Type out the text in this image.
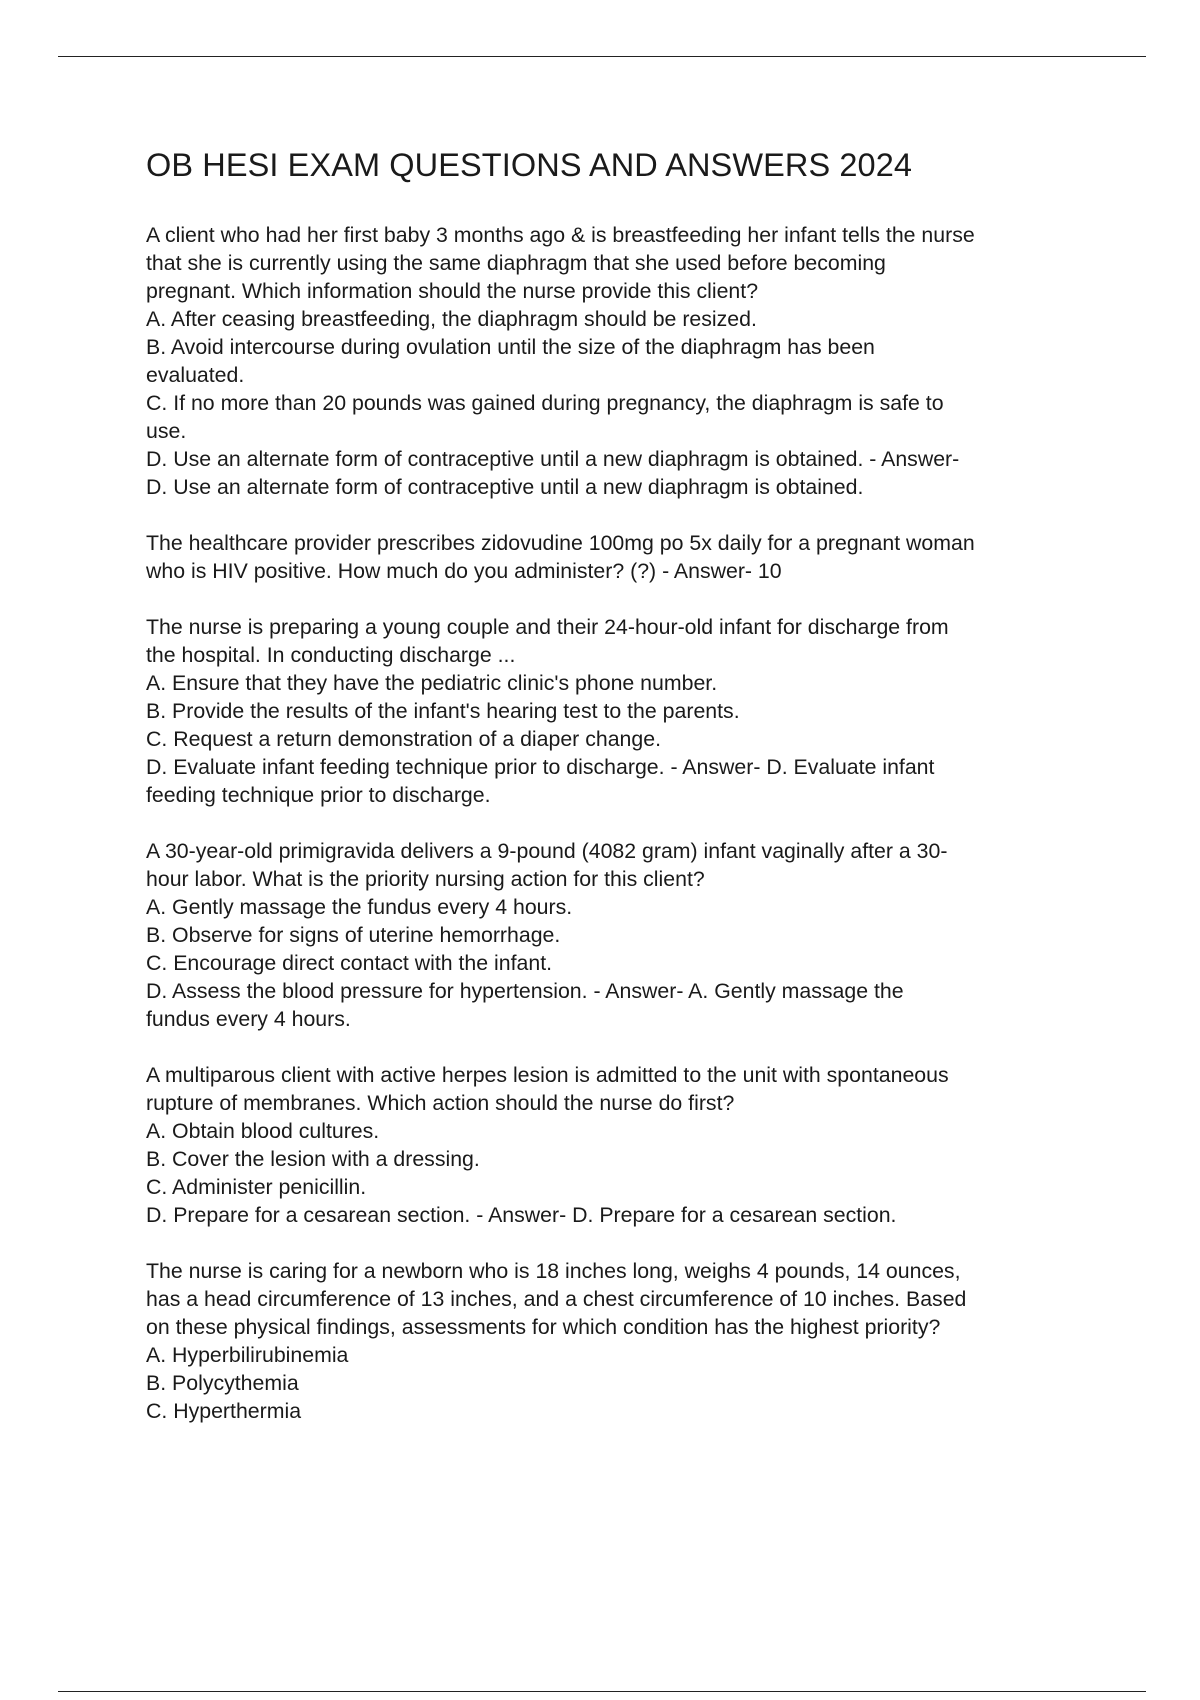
OB HESI EXAM QUESTIONS AND ANSWERS 2024

A client who had her first baby 3 months ago & is breastfeeding her infant tells the nurse
that she is currently using the same diaphragm that she used before becoming
pregnant. Which information should the nurse provide this client?
A. After ceasing breastfeeding, the diaphragm should be resized.
B. Avoid intercourse during ovulation until the size of the diaphragm has been
evaluated.
C. If no more than 20 pounds was gained during pregnancy, the diaphragm is safe to
use.
D. Use an alternate form of contraceptive until a new diaphragm is obtained. - Answer-
D. Use an alternate form of contraceptive until a new diaphragm is obtained.

The healthcare provider prescribes zidovudine 100mg po 5x daily for a pregnant woman
who is HIV positive. How much do you administer? (?) - Answer- 10

The nurse is preparing a young couple and their 24-hour-old infant for discharge from
the hospital. In conducting discharge ...
A. Ensure that they have the pediatric clinic's phone number.
B. Provide the results of the infant's hearing test to the parents.
C. Request a return demonstration of a diaper change.
D. Evaluate infant feeding technique prior to discharge. - Answer- D. Evaluate infant
feeding technique prior to discharge.

A 30-year-old primigravida delivers a 9-pound (4082 gram) infant vaginally after a 30-
hour labor. What is the priority nursing action for this client?
A. Gently massage the fundus every 4 hours.
B. Observe for signs of uterine hemorrhage.
C. Encourage direct contact with the infant.
D. Assess the blood pressure for hypertension. - Answer- A. Gently massage the
fundus every 4 hours.

A multiparous client with active herpes lesion is admitted to the unit with spontaneous
rupture of membranes. Which action should the nurse do first?
A. Obtain blood cultures.
B. Cover the lesion with a dressing.
C. Administer penicillin.
D. Prepare for a cesarean section. - Answer- D. Prepare for a cesarean section.

The nurse is caring for a newborn who is 18 inches long, weighs 4 pounds, 14 ounces,
has a head circumference of 13 inches, and a chest circumference of 10 inches. Based
on these physical findings, assessments for which condition has the highest priority?
A. Hyperbilirubinemia
B. Polycythemia
C. Hyperthermia
